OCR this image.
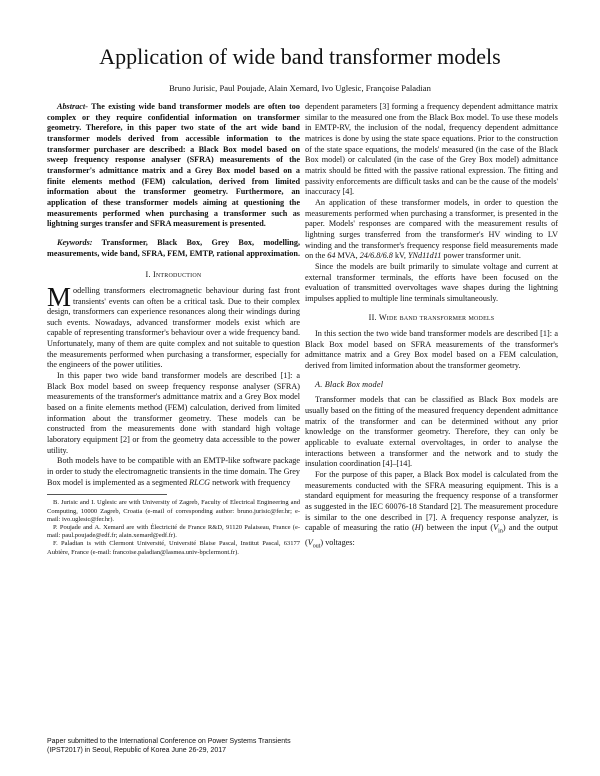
Application of wide band transformer models

Bruno Jurisic, Paul Poujade, Alain Xemard, Ivo Uglesic, Françoise Paladian

Abstract- The existing wide band transformer models are often too complex or they require confidential information on transformer geometry. Therefore, in this paper two state of the art wide band transformer models derived from accessible information to the transformer purchaser are described: a Black Box model based on sweep frequency response analyser (SFRA) measurements of the transformer's admittance matrix and a Grey Box model based on a finite elements method (FEM) calculation, derived from limited information about the transformer geometry. Furthermore, an application of these transformer models aiming at questioning the measurements performed when purchasing a transformer such as lightning surges transfer and SFRA measurement is presented.

Keywords: Transformer, Black Box, Grey Box, modelling, measurements, wide band, SFRA, FEM, EMTP, rational approximation.

I. Introduction

Modelling transformers electromagnetic behaviour during fast front transients' events can often be a critical task. Due to their complex design, transformers can experience resonances along their windings during such events. Nowadays, advanced transformer models exist which are capable of representing transformer's behaviour over a wide frequency band. Unfortunately, many of them are quite complex and not suitable to question the measurements performed when purchasing a transformer, especially for the engineers of the power utilities.

In this paper two wide band transformer models are described [1]: a Black Box model based on sweep frequency response analyser (SFRA) measurements of the transformer's admittance matrix and a Grey Box model based on a finite elements method (FEM) calculation, derived from limited information about the transformer geometry. These models can be constructed from the measurements done with standard high voltage laboratory equipment [2] or from the geometry data accessible to the power utility.

Both models have to be compatible with an EMTP-like software package in order to study the electromagnetic transients in the time domain. The Grey Box model is implemented as a segmented RLCG network with frequency

B. Jurisic and I. Uglesic are with University of Zagreb, Faculty of Electrical Engineering and Computing, 10000 Zagreb, Croatia (e-mail of corresponding author: bruno.jurisic@fer.hr; e-mail: ivo.uglesic@fer.hr).

P. Poujade and A. Xemard are with Électricité de France R&D, 91120 Palaiseau, France (e-mail: paul.poujade@edf.fr; alain.xemard@edf.fr).

F. Paladian is with Clermont Université, Université Blaise Pascal, Institut Pascal, 63177 Aubière, France (e-mail: francoise.paladian@lasmea.univ-bpclermont.fr).

Paper submitted to the International Conference on Power Systems Transients (IPST2017) in Seoul, Republic of Korea June 26-29, 2017

dependent parameters [3] forming a frequency dependent admittance matrix similar to the measured one from the Black Box model. To use these models in EMTP-RV, the inclusion of the nodal, frequency dependent admittance matrices is done by using the state space equations. Prior to the construction of the state space equations, the models' measured (in the case of the Black Box model) or calculated (in the case of the Grey Box model) admittance matrix should be fitted with the passive rational expression. The fitting and passivity enforcements are difficult tasks and can be the cause of the models' inaccuracy [4].

An application of these transformer models, in order to question the measurements performed when purchasing a transformer, is presented in the paper. Models' responses are compared with the measurement results of lightning surges transferred from the transformer's HV winding to LV winding and the transformer's frequency response field measurements made on the 64 MVA, 24/6.8/6.8 kV, YNd11d11 power transformer unit.

Since the models are built primarily to simulate voltage and current at external transformer terminals, the efforts have been focused on the evaluation of transmitted overvoltages wave shapes during the lightning impulses applied to multiple line terminals simultaneously.

II. Wide band transformer models

In this section the two wide band transformer models are described [1]: a Black Box model based on SFRA measurements of the transformer's admittance matrix and a Grey Box model based on a FEM calculation, derived from limited information about the transformer geometry.

A. Black Box model

Transformer models that can be classified as Black Box models are usually based on the fitting of the measured frequency dependent admittance matrix of the transformer and can be determined without any prior knowledge on the transformer geometry. Therefore, they can only be applicable to evaluate external overvoltages, in order to analyse the interactions between a transformer and the network and to study the insulation coordination [4]–[14].

For the purpose of this paper, a Black Box model is calculated from the measurements conducted with the SFRA measuring equipment. This is a standard equipment for measuring the frequency response of a transformer as suggested in the IEC 60076-18 Standard [2]. The measurement procedure is similar to the one described in [7]. A frequency response analyzer, is capable of measuring the ratio (H) between the input $(V_{in})$ and the output $(V_{out})$ voltages:
